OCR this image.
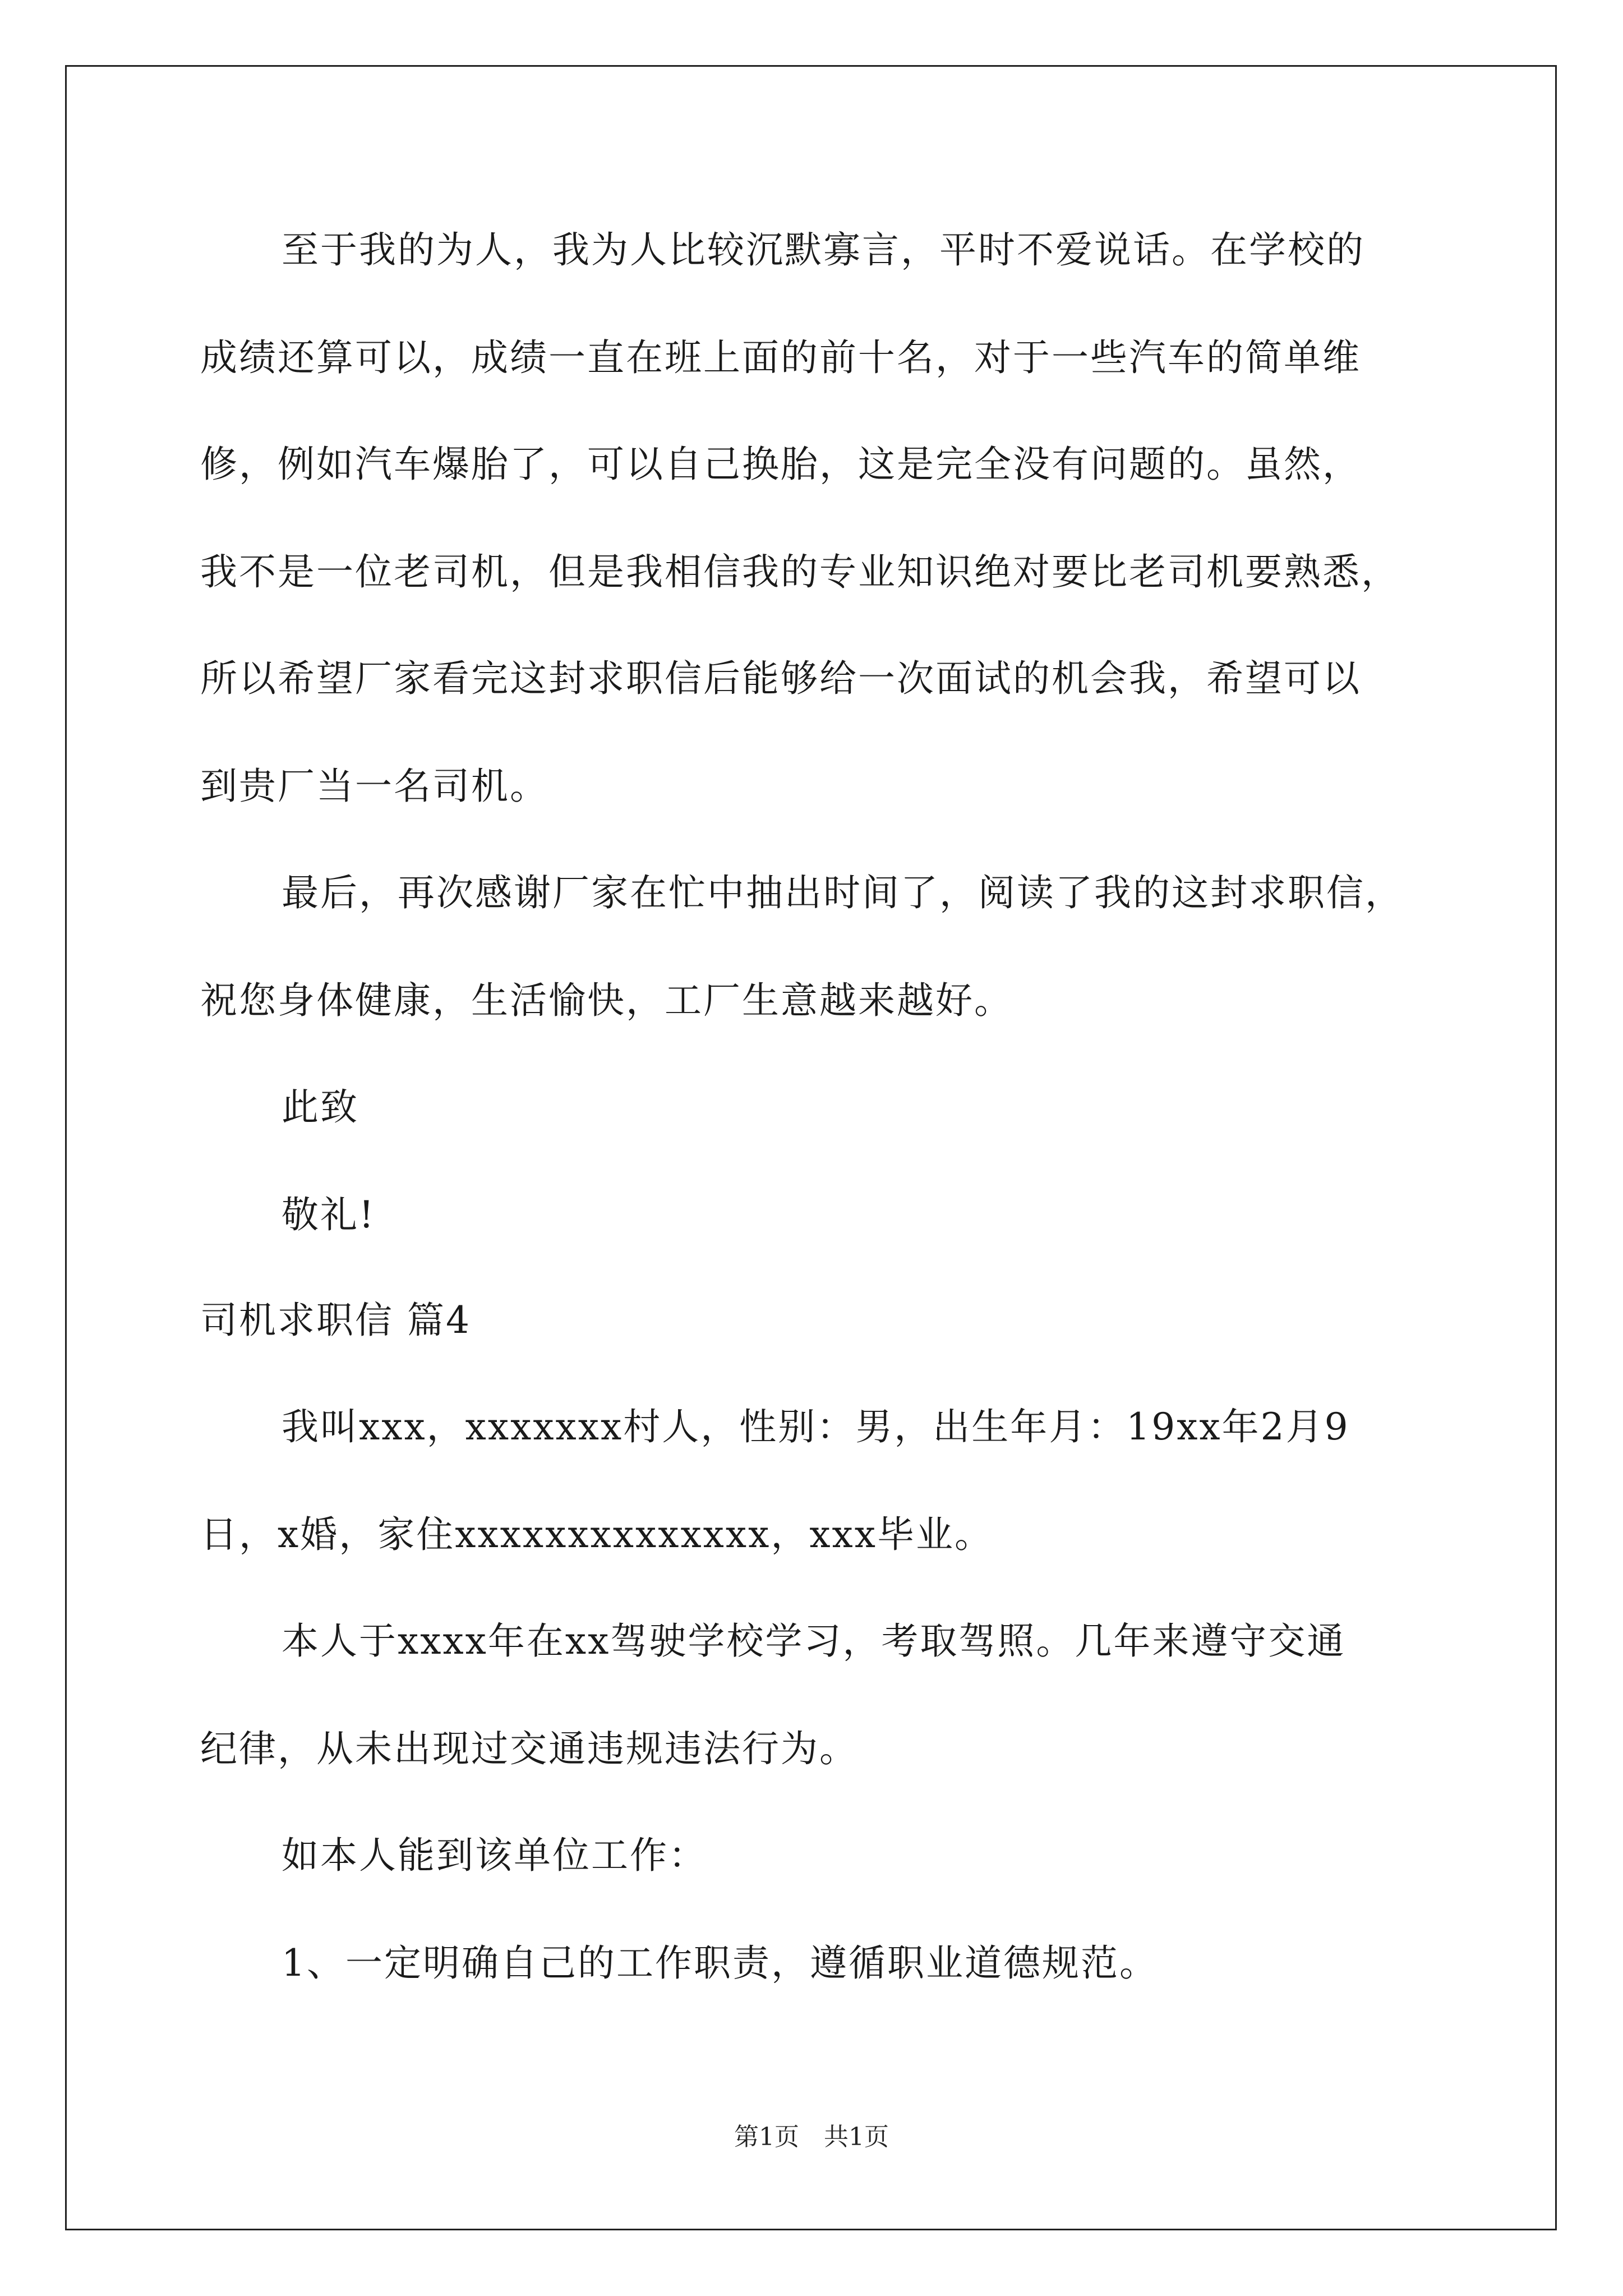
至于我的为人，我为人比较沉默寡言，平时不爱说话。在学校的
成绩还算可以，成绩一直在班上面的前十名，对于一些汽车的简单维
修，例如汽车爆胎了，可以自己换胎，这是完全没有问题的。虽然，
我不是一位老司机，但是我相信我的专业知识绝对要比老司机要熟悉，
所以希望厂家看完这封求职信后能够给一次面试的机会我，希望可以
到贵厂当一名司机。
最后，再次感谢厂家在忙中抽出时间了，阅读了我的这封求职信，
祝您身体健康，生活愉快，工厂生意越来越好。
此致
敬礼!
司机求职信 篇4
我叫xxx，xxxxxxx村人，性别：男，出生年月：19xx年2月9
日，x婚，家住xxxxxxxxxxxxxx，xxx毕业。
本人于xxxx年在xx驾驶学校学习，考取驾照。几年来遵守交通
纪律，从未出现过交通违规违法行为。
如本人能到该单位工作：
1、一定明确自己的工作职责，遵循职业道德规范。
第1页　共1页
